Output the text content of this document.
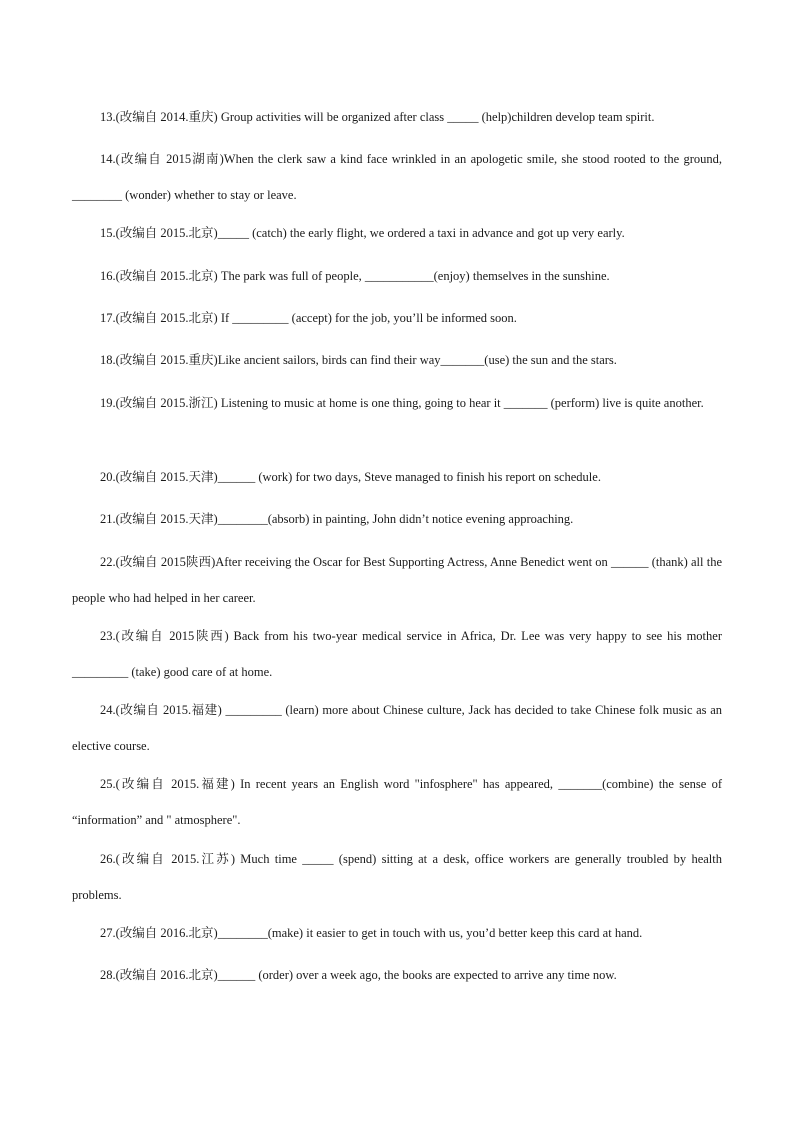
13.(改编自 2014.重庆) Group activities will be organized after class _____ (help)children develop team spirit.

14.(改编自 2015湖南)When the clerk saw a kind face wrinkled in an apologetic smile, she stood rooted to the ground, ________ (wonder) whether to stay or leave.

15.(改编自 2015.北京)_____ (catch) the early flight, we ordered a taxi in advance and got up very early.

16.(改编自 2015.北京) The park was full of people, ___________(enjoy) themselves in the sunshine.

17.(改编自 2015.北京) If _________ (accept) for the job, you’ll be informed soon.

18.(改编自 2015.重庆)Like ancient sailors, birds can find their way_______(use) the sun and the stars.

19.(改编自 2015.浙江) Listening to music at home is one thing, going to hear it _______ (perform) live is quite another.

20.(改编自 2015.天津)______ (work) for two days, Steve managed to finish his report on schedule.

21.(改编自 2015.天津)________(absorb) in painting, John didn’t notice evening approaching.

22.(改编自 2015陕西)After receiving the Oscar for Best Supporting Actress, Anne Benedict went on ______ (thank) all the people who had helped in her career.

23.(改编自 2015陕西) Back from his two-year medical service in Africa, Dr. Lee was very happy to see his mother _________ (take) good care of at home.

24.(改编自 2015.福建) _________ (learn) more about Chinese culture, Jack has decided to take Chinese folk music as an elective course.

25.(改编自 2015.福建) In recent years an English word "infosphere" has appeared, _______(combine) the sense of “information” and " atmosphere".

26.(改编自 2015.江苏) Much time _____ (spend) sitting at a desk, office workers are generally troubled by health problems.

27.(改编自 2016.北京)________(make) it easier to get in touch with us, you’d better keep this card at hand.

28.(改编自 2016.北京)______ (order) over a week ago, the books are expected to arrive any time now.
